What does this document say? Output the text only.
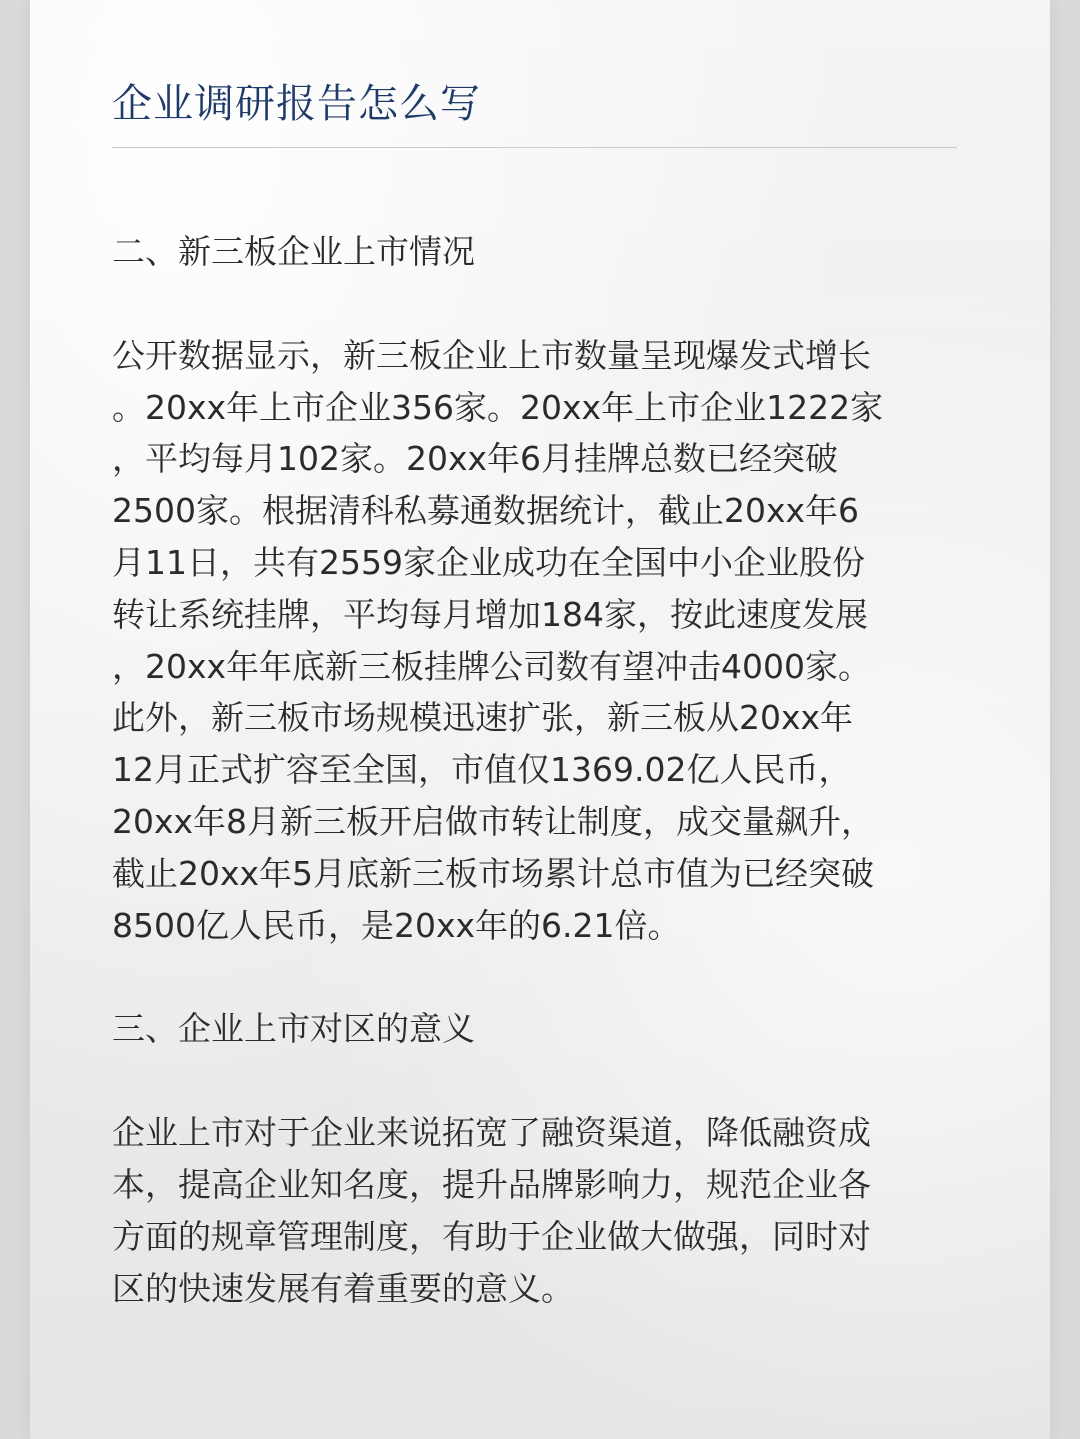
企业调研报告怎么写
二、新三板企业上市情况

公开数据显示，新三板企业上市数量呈现爆发式增长
。20xx年上市企业356家。20xx年上市企业1222家
，平均每月102家。20xx年6月挂牌总数已经突破
2500家。根据清科私募通数据统计，截止20xx年6
月11日，共有2559家企业成功在全国中小企业股份
转让系统挂牌，平均每月增加184家，按此速度发展
，20xx年年底新三板挂牌公司数有望冲击4000家。
此外，新三板市场规模迅速扩张，新三板从20xx年
12月正式扩容至全国，市值仅1369.02亿人民币，
20xx年8月新三板开启做市转让制度，成交量飙升，
截止20xx年5月底新三板市场累计总市值为已经突破
8500亿人民币，是20xx年的6.21倍。

三、企业上市对区的意义

企业上市对于企业来说拓宽了融资渠道，降低融资成
本，提高企业知名度，提升品牌影响力，规范企业各
方面的规章管理制度，有助于企业做大做强，同时对
区的快速发展有着重要的意义。
